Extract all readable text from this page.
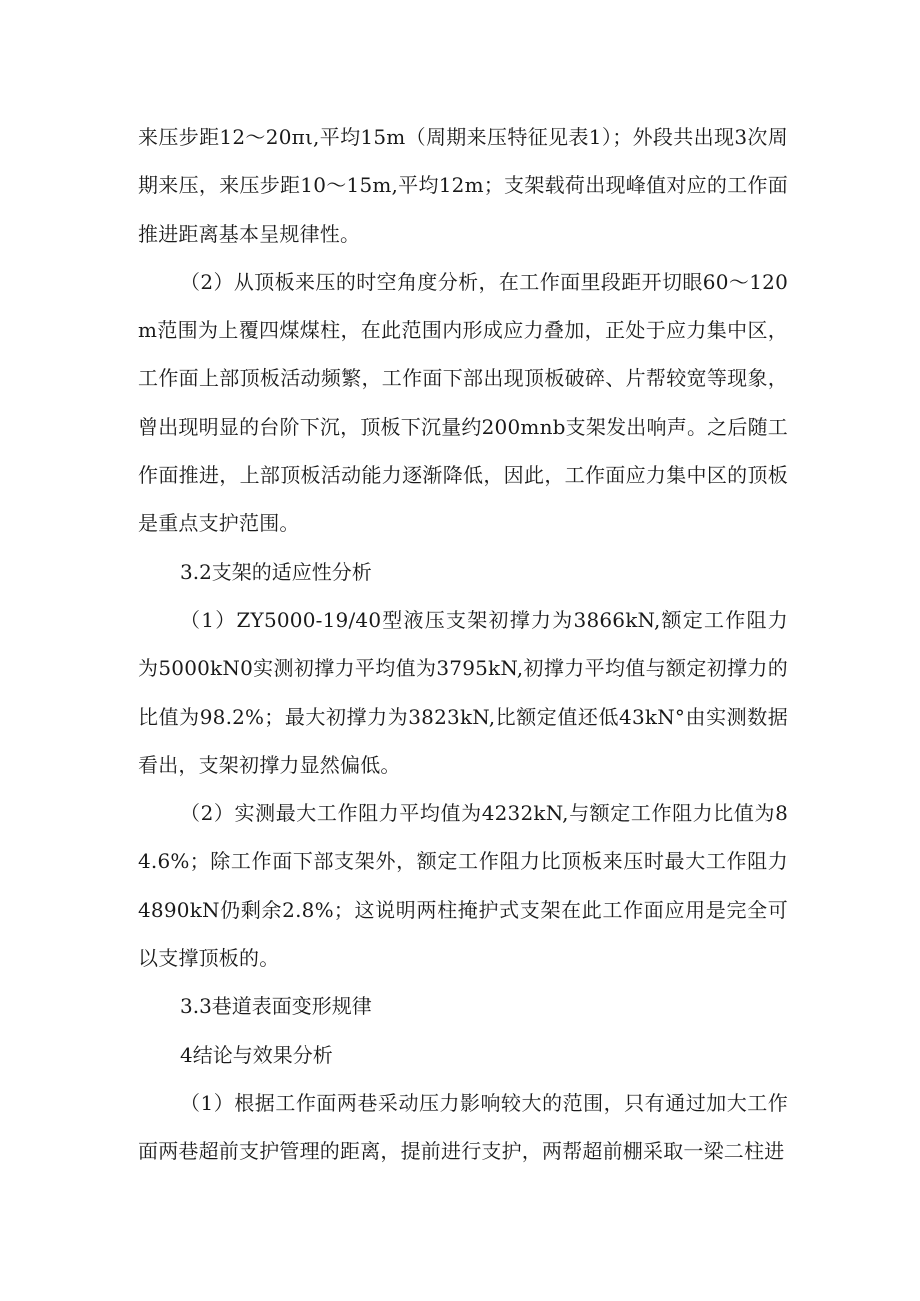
来压步距12～20πι,平均15m（周期来压特征见表1）；外段共出现3次周期来压，来压步距10～15m,平均12m；支架载荷出现峰值对应的工作面推进距离基本呈规律性。

（2）从顶板来压的时空角度分析，在工作面里段距开切眼60～120m范围为上覆四煤煤柱，在此范围内形成应力叠加，正处于应力集中区，工作面上部顶板活动频繁，工作面下部出现顶板破碎、片帮较宽等现象，曾出现明显的台阶下沉，顶板下沉量约200mnb支架发出响声。之后随工作面推进，上部顶板活动能力逐渐降低，因此，工作面应力集中区的顶板是重点支护范围。

3.2支架的适应性分析

（1）ZY5000-19/40型液压支架初撑力为3866kN,额定工作阻力为5000kN0实测初撑力平均值为3795kN,初撑力平均值与额定初撑力的比值为98.2%；最大初撑力为3823kN,比额定值还低43kN°由实测数据看出，支架初撑力显然偏低。

（2）实测最大工作阻力平均值为4232kN,与额定工作阻力比值为84.6%；除工作面下部支架外，额定工作阻力比顶板来压时最大工作阻力4890kN仍剩余2.8%；这说明两柱掩护式支架在此工作面应用是完全可以支撑顶板的。

3.3巷道表面变形规律

4结论与效果分析

（1）根据工作面两巷采动压力影响较大的范围，只有通过加大工作面两巷超前支护管理的距离，提前进行支护，两帮超前棚采取一梁二柱进
